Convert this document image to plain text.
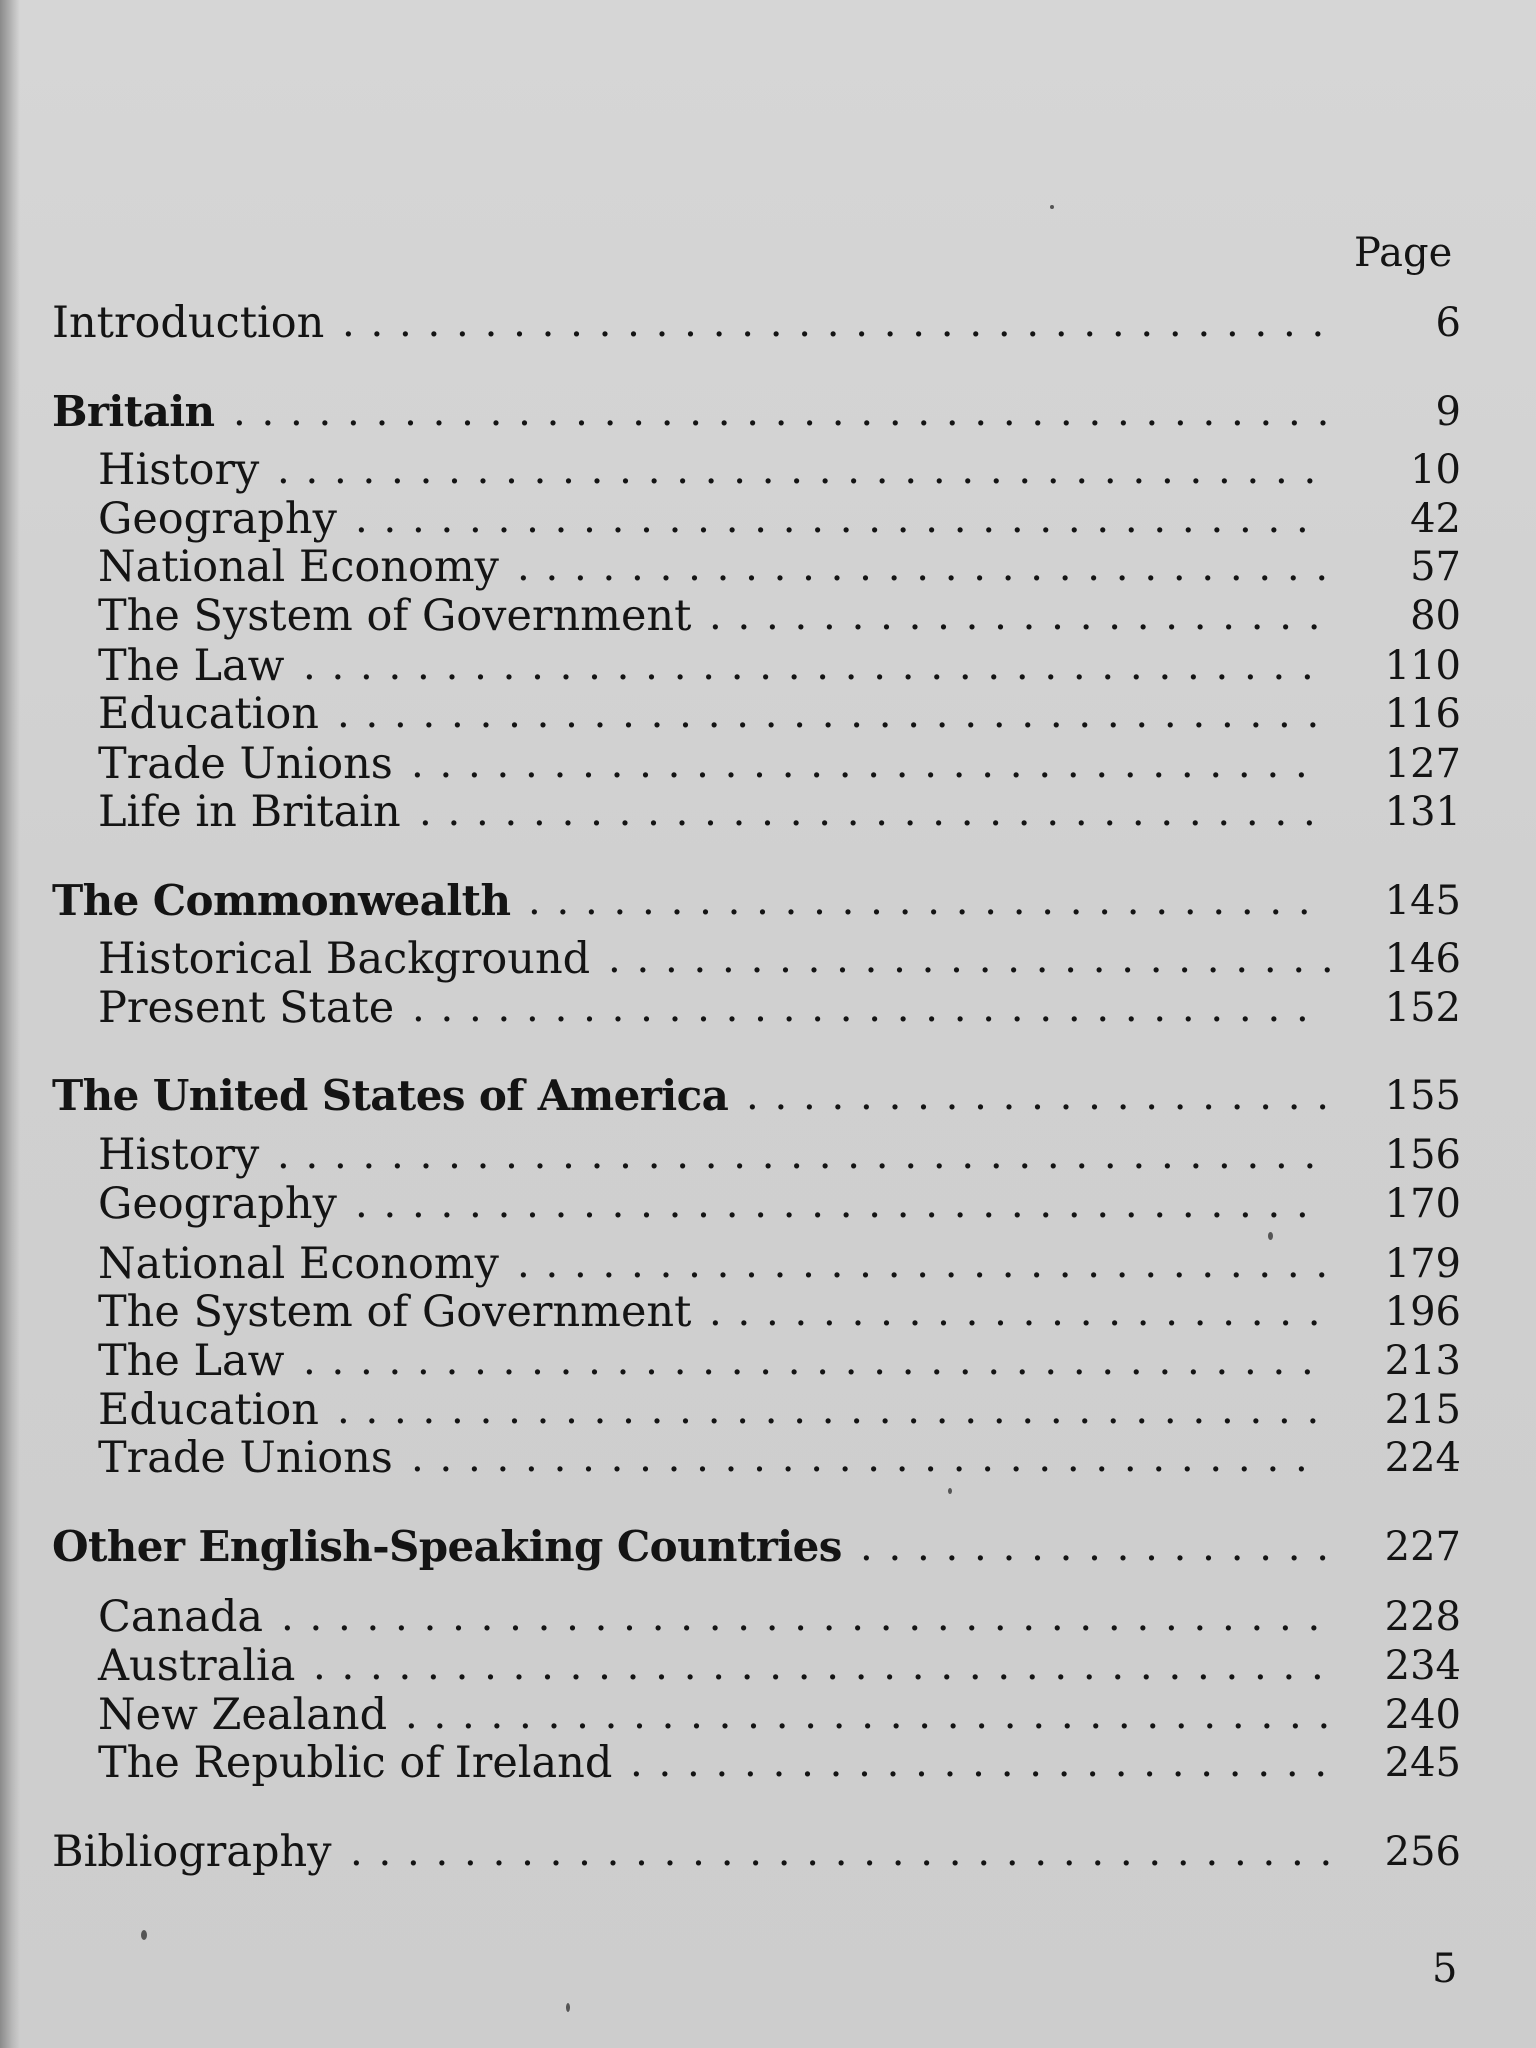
Page
Introduction ...................................	6
Britain .......................................	9
History .....................................	10
Geography ..................................	42
National Economy .............................	57
The System of Government ......................	80
The Law ....................................	110
Education ...................................	116
Trade Unions ................................	127
Life in Britain ................................	131
The Commonwealth ............................	145
Historical Background .......................... 146
Present State ................................	152
The United States of America ..................... 155
History .....................................	156
Geography ..................................	170
National Economy .............................	179
The System of Government ......................	196
The Law ....................................	213
Education ...................................	215
Trade Unions ................................	224
Other English-Speaking Countries ................. 227
Canada .....................................	228
Australia ....................................	234
New Zealand ................................. 240
The Republic of Ireland .........................	245
Bibliography ................................... 256
5
